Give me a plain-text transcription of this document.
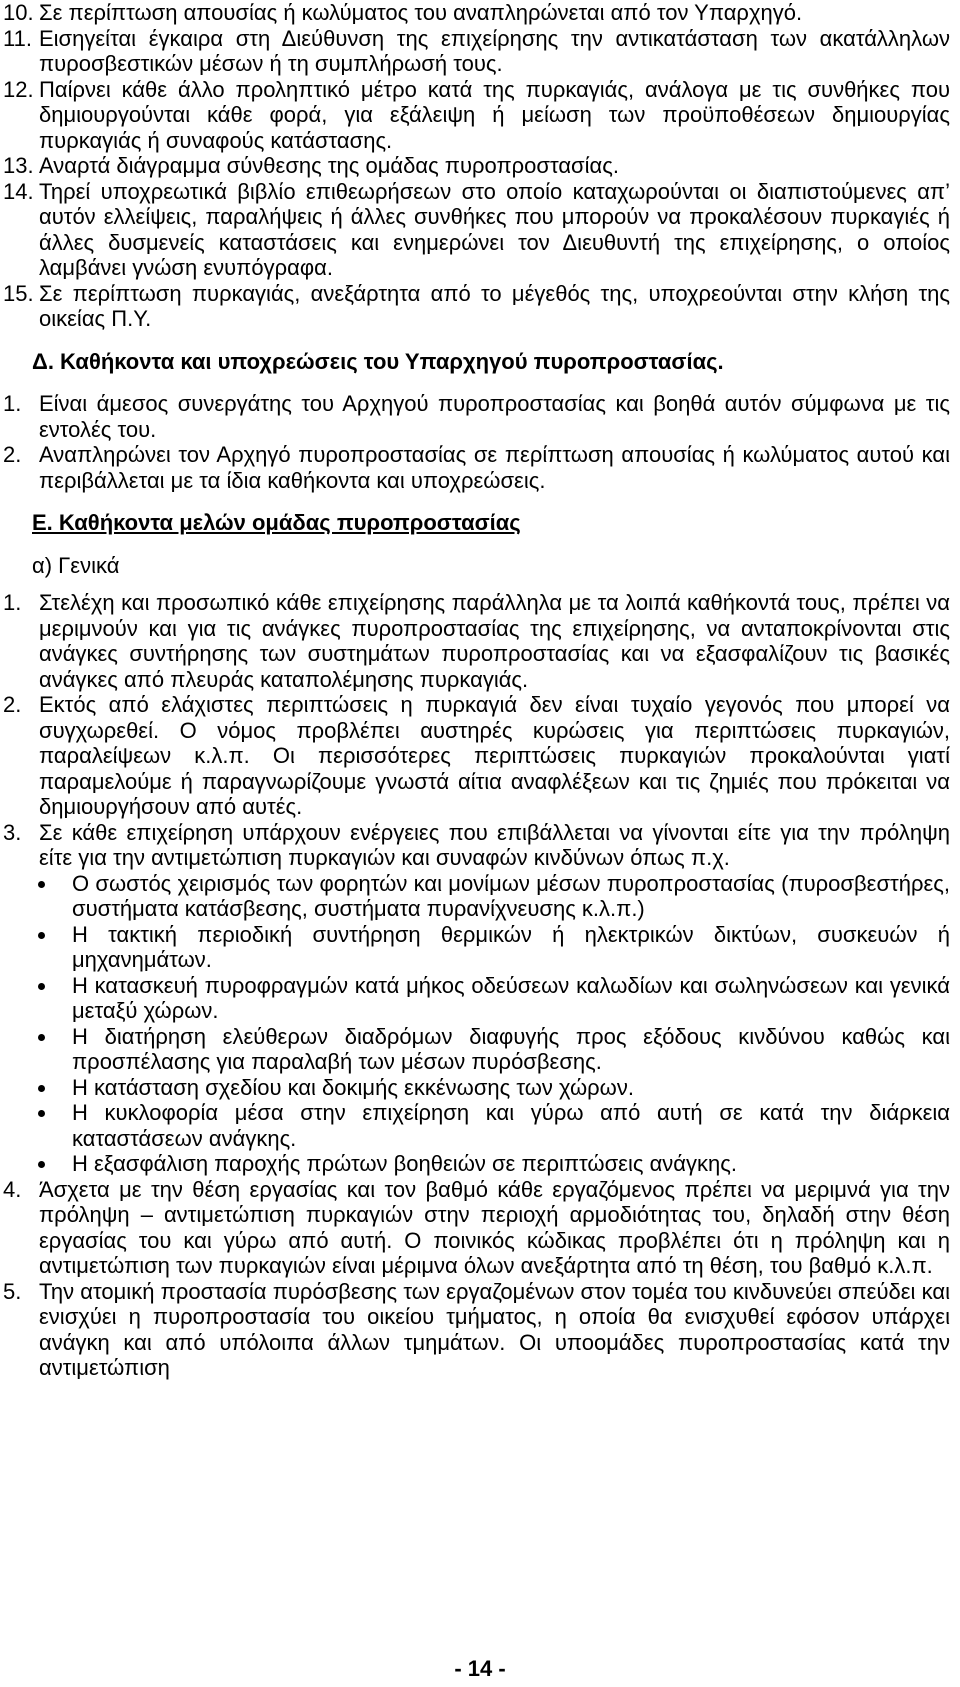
10. Σε περίπτωση απουσίας ή κωλύματος του αναπληρώνεται από τον Υπαρχηγό.
11. Εισηγείται έγκαιρα στη Διεύθυνση της επιχείρησης την αντικατάσταση των ακατάλληλων πυροσβεστικών μέσων ή τη συμπλήρωσή τους.
12. Παίρνει κάθε άλλο προληπτικό μέτρο κατά της πυρκαγιάς, ανάλογα με τις συνθήκες που δημιουργούνται κάθε φορά, για εξάλειψη ή μείωση των προϋποθέσεων δημιουργίας πυρκαγιάς ή συναφούς κατάστασης.
13. Αναρτά διάγραμμα σύνθεσης της ομάδας πυροπροστασίας.
14. Τηρεί υποχρεωτικά βιβλίο επιθεωρήσεων στο οποίο καταχωρούνται οι διαπιστούμενες απ’ αυτόν ελλείψεις, παραλήψεις ή άλλες συνθήκες που μπορούν να προκαλέσουν πυρκαγιές ή άλλες δυσμενείς καταστάσεις και ενημερώνει τον Διευθυντή της επιχείρησης, ο οποίος λαμβάνει γνώση ενυπόγραφα.
15. Σε περίπτωση πυρκαγιάς, ανεξάρτητα από το μέγεθός της, υποχρεούνται στην κλήση της οικείας Π.Υ.
Δ. Καθήκοντα και υποχρεώσεις του Υπαρχηγού πυροπροστασίας.
1. Είναι άμεσος συνεργάτης του Αρχηγού πυροπροστασίας και βοηθά αυτόν σύμφωνα με τις εντολές του.
2. Αναπληρώνει τον Αρχηγό πυροπροστασίας σε περίπτωση απουσίας ή κωλύματος αυτού και περιβάλλεται με τα ίδια καθήκοντα και υποχρεώσεις.
Ε. Καθήκοντα μελών ομάδας πυροπροστασίας
α) Γενικά
1. Στελέχη και προσωπικό κάθε επιχείρησης παράλληλα με τα λοιπά καθήκοντά τους, πρέπει να μεριμνούν και για τις ανάγκες πυροπροστασίας της επιχείρησης, να ανταποκρίνονται στις ανάγκες συντήρησης των συστημάτων πυροπροστασίας και να εξασφαλίζουν τις βασικές ανάγκες από πλευράς καταπολέμησης πυρκαγιάς.
2. Εκτός από ελάχιστες περιπτώσεις η πυρκαγιά δεν είναι τυχαίο γεγονός που μπορεί να συγχωρεθεί. Ο νόμος προβλέπει αυστηρές κυρώσεις για περιπτώσεις πυρκαγιών, παραλείψεων κ.λ.π. Οι περισσότερες περιπτώσεις πυρκαγιών προκαλούνται γιατί παραμελούμε ή παραγνωρίζουμε γνωστά αίτια αναφλέξεων και τις ζημιές που πρόκειται να δημιουργήσουν από αυτές.
3. Σε κάθε επιχείρηση υπάρχουν ενέργειες που επιβάλλεται να γίνονται είτε για την πρόληψη είτε για την αντιμετώπιση πυρκαγιών και συναφών κινδύνων όπως π.χ.
Ο σωστός χειρισμός των φορητών και μονίμων μέσων πυροπροστασίας (πυροσβεστήρες, συστήματα κατάσβεσης, συστήματα πυρανίχνευσης κ.λ.π.)
Η τακτική περιοδική συντήρηση θερμικών ή ηλεκτρικών δικτύων, συσκευών ή μηχανημάτων.
Η κατασκευή πυροφραγμών κατά μήκος οδεύσεων καλωδίων και σωληνώσεων και γενικά μεταξύ χώρων.
Η διατήρηση ελεύθερων διαδρόμων διαφυγής προς εξόδους κινδύνου καθώς και προσπέλασης για παραλαβή των μέσων πυρόσβεσης.
Η κατάσταση σχεδίου και δοκιμής εκκένωσης των χώρων.
Η κυκλοφορία μέσα στην επιχείρηση και γύρω από αυτή σε κατά την διάρκεια καταστάσεων ανάγκης.
Η εξασφάλιση παροχής πρώτων βοηθειών σε περιπτώσεις ανάγκης.
4. Άσχετα με την θέση εργασίας και τον βαθμό κάθε εργαζόμενος πρέπει να μεριμνά για την πρόληψη – αντιμετώπιση πυρκαγιών στην περιοχή αρμοδιότητας του, δηλαδή στην θέση εργασίας του και γύρω από αυτή. Ο ποινικός κώδικας προβλέπει ότι η πρόληψη και η αντιμετώπιση των πυρκαγιών είναι μέριμνα όλων ανεξάρτητα από τη θέση, του βαθμό κ.λ.π.
5. Την ατομική προστασία πυρόσβεσης των εργαζομένων στον τομέα του κινδυνεύει σπεύδει και ενισχύει η πυροπροστασία του οικείου τμήματος, η οποία θα ενισχυθεί εφόσον υπάρχει ανάγκη και από υπόλοιπα άλλων τμημάτων. Οι υποομάδες πυροπροστασίας κατά την αντιμετώπιση
- 14 -
